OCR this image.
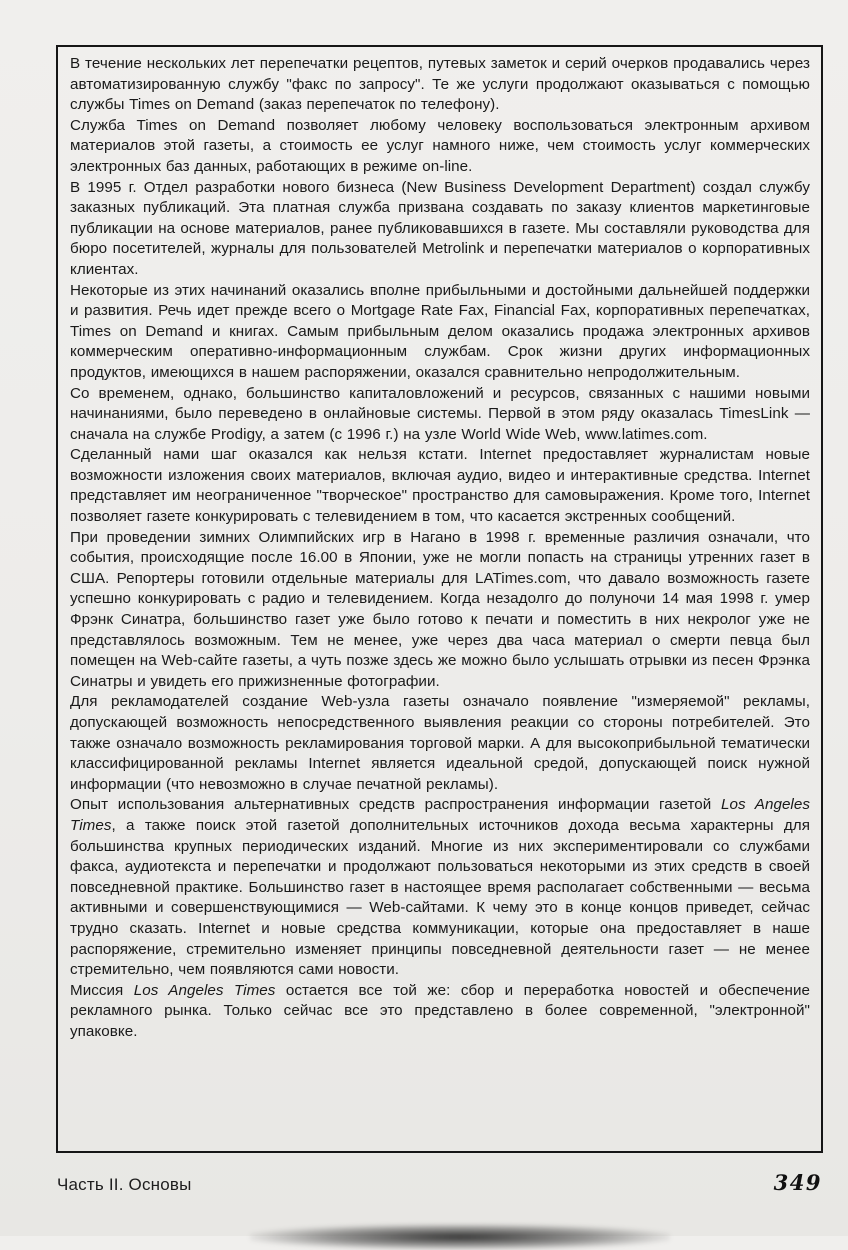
В течение нескольких лет перепечатки рецептов, путевых заметок и серий очерков продавались через автоматизированную службу "факс по запросу". Те же услуги продолжают оказываться с помощью службы Times on Demand (заказ перепечаток по телефону).

Служба Times on Demand позволяет любому человеку воспользоваться электронным архивом материалов этой газеты, а стоимость ее услуг намного ниже, чем стоимость услуг коммерческих электронных баз данных, работающих в режиме on-line.

В 1995 г. Отдел разработки нового бизнеса (New Business Development Department) создал службу заказных публикаций. Эта платная служба призвана создавать по заказу клиентов маркетинговые публикации на основе материалов, ранее публиковавшихся в газете. Мы составляли руководства для бюро посетителей, журналы для пользователей Metrolink и перепечатки материалов о корпоративных клиентах.

Некоторые из этих начинаний оказались вполне прибыльными и достойными дальнейшей поддержки и развития. Речь идет прежде всего о Mortgage Rate Fax, Financial Fax, корпоративных перепечатках, Times on Demand и книгах. Самым прибыльным делом оказались продажа электронных архивов коммерческим оперативно-информационным службам. Срок жизни других информационных продуктов, имеющихся в нашем распоряжении, оказался сравнительно непродолжительным.

Со временем, однако, большинство капиталовложений и ресурсов, связанных с нашими новыми начинаниями, было переведено в онлайновые системы. Первой в этом ряду оказалась TimesLink — сначала на службе Prodigy, а затем (с 1996 г.) на узле World Wide Web, www.latimes.com.

Сделанный нами шаг оказался как нельзя кстати. Internet предоставляет журналистам новые возможности изложения своих материалов, включая аудио, видео и интерактивные средства. Internet представляет им неограниченное "творческое" пространство для самовыражения. Кроме того, Internet позволяет газете конкурировать с телевидением в том, что касается экстренных сообщений.

При проведении зимних Олимпийских игр в Нагано в 1998 г. временные различия означали, что события, происходящие после 16.00 в Японии, уже не могли попасть на страницы утренних газет в США. Репортеры готовили отдельные материалы для LATimes.com, что давало возможность газете успешно конкурировать с радио и телевидением. Когда незадолго до полуночи 14 мая 1998 г. умер Фрэнк Синатра, большинство газет уже было готово к печати и поместить в них некролог уже не представлялось возможным. Тем не менее, уже через два часа материал о смерти певца был помещен на Web-сайте газеты, а чуть позже здесь же можно было услышать отрывки из песен Фрэнка Синатры и увидеть его прижизненные фотографии.

Для рекламодателей создание Web-узла газеты означало появление "измеряемой" рекламы, допускающей возможность непосредственного выявления реакции со стороны потребителей. Это также означало возможность рекламирования торговой марки. А для высокоприбыльной тематически классифицированной рекламы Internet является идеальной средой, допускающей поиск нужной информации (что невозможно в случае печатной рекламы).

Опыт использования альтернативных средств распространения информации газетой Los Angeles Times, а также поиск этой газетой дополнительных источников дохода весьма характерны для большинства крупных периодических изданий. Многие из них экспериментировали со службами факса, аудиотекста и перепечатки и продолжают пользоваться некоторыми из этих средств в своей повседневной практике. Большинство газет в настоящее время располагает собственными — весьма активными и совершенствующимися — Web-сайтами. К чему это в конце концов приведет, сейчас трудно сказать. Internet и новые средства коммуникации, которые она предоставляет в наше распоряжение, стремительно изменяет принципы повседневной деятельности газет — не менее стремительно, чем появляются сами новости.

Миссия Los Angeles Times остается все той же: сбор и переработка новостей и обеспечение рекламного рынка. Только сейчас все это представлено в более современной, "электронной" упаковке.

Часть II. Основы	349
